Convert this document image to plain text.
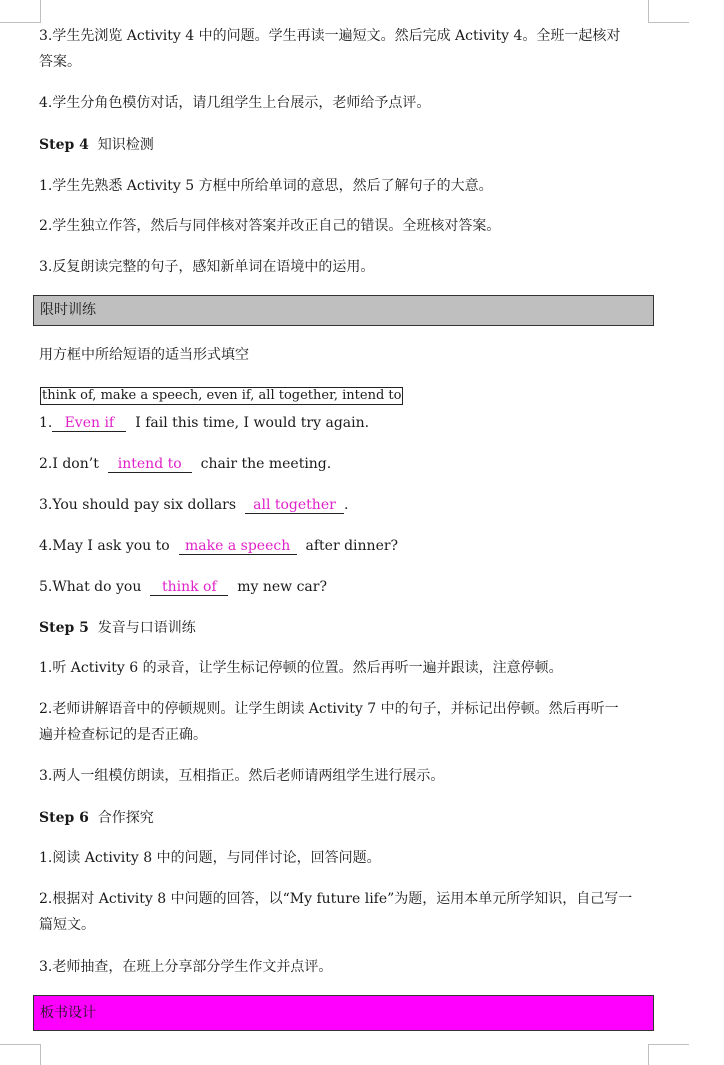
3.学生先浏览 Activity 4 中的问题。学生再读一遍短文。然后完成 Activity 4。全班一起核对
答案。
4.学生分角色模仿对话，请几组学生上台展示，老师给予点评。
Step 4 知识检测
1.学生先熟悉 Activity 5 方框中所给单词的意思，然后了解句子的大意。
2.学生独立作答，然后与同伴核对答案并改正自己的错误。全班核对答案。
3.反复朗读完整的句子，感知新单词在语境中的运用。
限时训练
用方框中所给短语的适当形式填空
think of, make a speech, even if, all together, intend to
1. Even if I fail this time, I would try again.
2.I don’t intend to chair the meeting.
3.You should pay six dollars all together .
4.May I ask you to make a speech after dinner?
5.What do you think of my new car?
Step 5 发音与口语训练
1.听 Activity 6 的录音，让学生标记停顿的位置。然后再听一遍并跟读，注意停顿。
2.老师讲解语音中的停顿规则。让学生朗读 Activity 7 中的句子，并标记出停顿。然后再听一
遍并检查标记的是否正确。
3.两人一组模仿朗读，互相指正。然后老师请两组学生进行展示。
Step 6 合作探究
1.阅读 Activity 8 中的问题，与同伴讨论，回答问题。
2.根据对 Activity 8 中问题的回答，以“My future life”为题，运用本单元所学知识，自己写一
篇短文。
3.老师抽查，在班上分享部分学生作文并点评。
板书设计
